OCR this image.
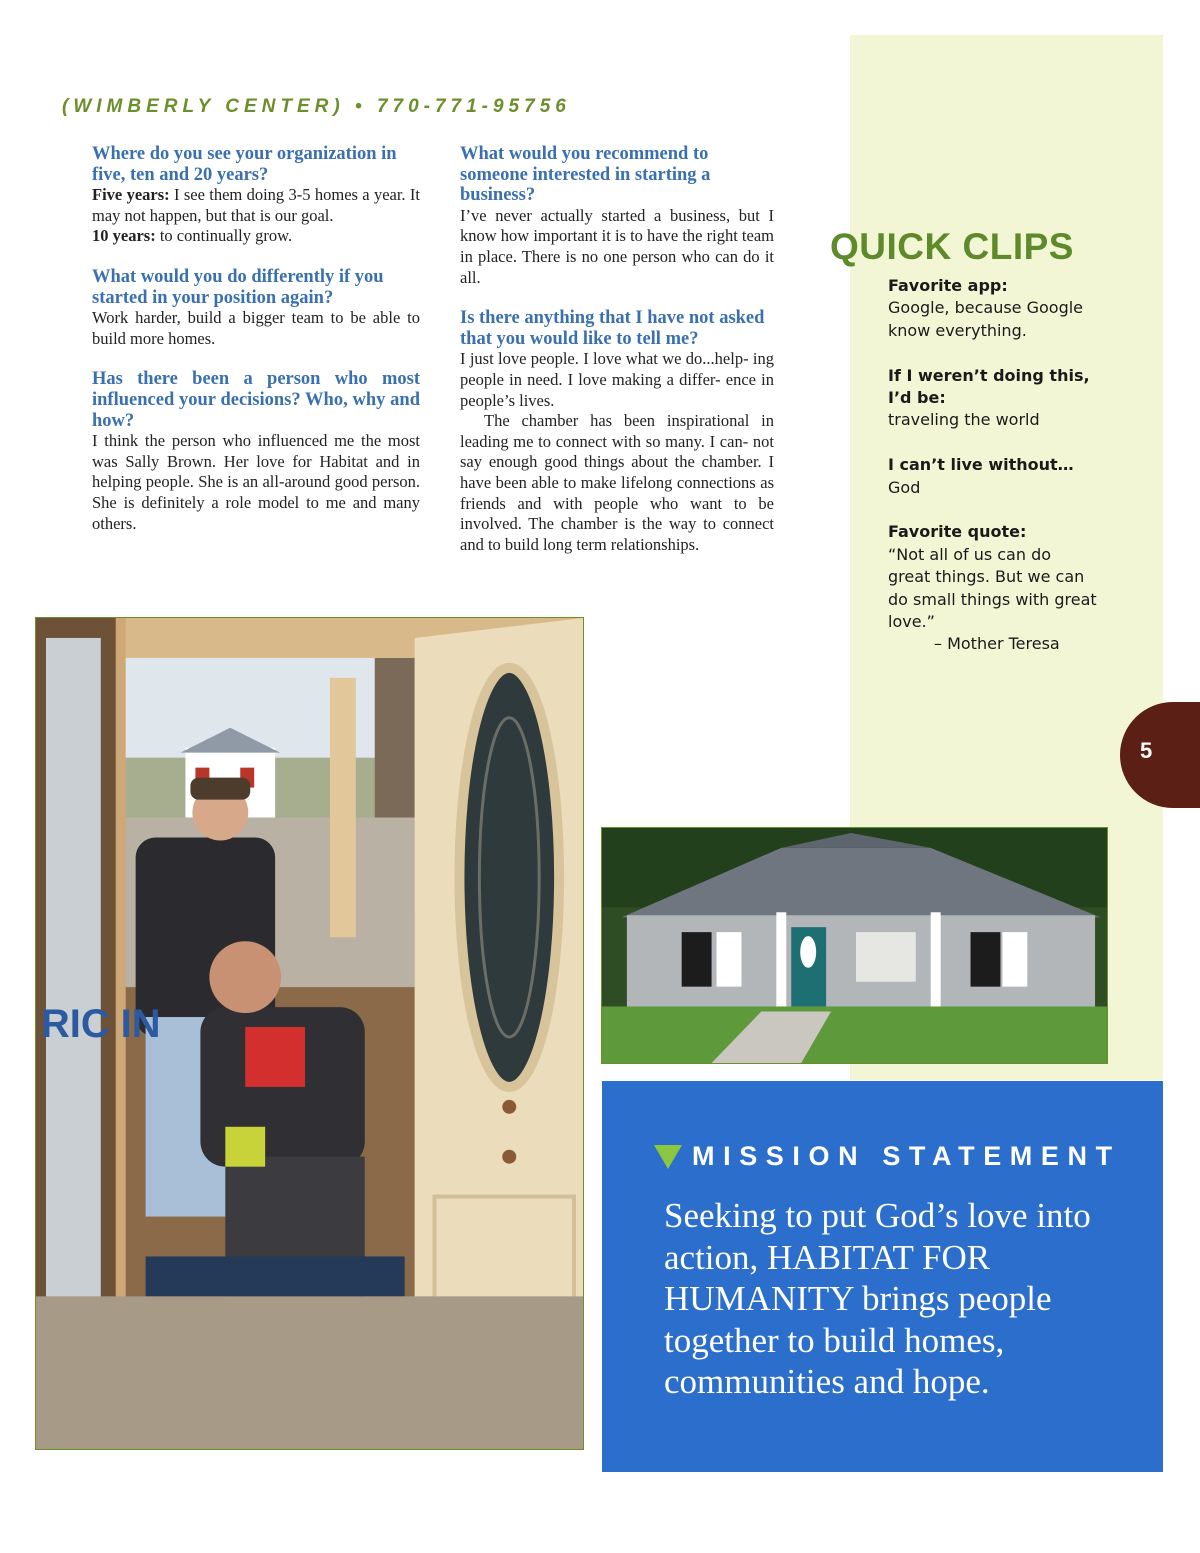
(WIMBERLY CENTER) • 770-771-95756

Where do you see your organization in five, ten and 20 years?

Five years: I see them doing 3-5 homes a year. It may not happen, but that is our goal.
10 years: to continually grow.

What would you do differently if you started in your position again?

Work harder, build a bigger team to be able to build more homes.

Has there been a person who most influenced your decisions? Who, why and how?

I think the person who influenced me the most was Sally Brown. Her love for Habitat and in helping people. She is an all-around good person. She is definitely a role model to me and many others.

What would you recommend to someone interested in starting a business?

I’ve never actually started a business, but I know how important it is to have the right team in place. There is no one person who can do it all.

Is there anything that I have not asked that you would like to tell me?

I just love people. I love what we do...help- ing people in need. I love making a differ- ence in people’s lives.

The chamber has been inspirational in leading me to connect with so many. I can- not say enough good things about the chamber. I have been able to make lifelong connections as friends and with people who want to be involved. The chamber is the way to connect and to build long term relationships.

QUICK CLIPS
Favorite app:
Google, because Google know everything.
If I weren’t doing this, I’d be:
traveling the world
I can’t live without…
God
Favorite quote:
“Not all of us can do great things. But we can do small things with great love.”
– Mother Teresa
5
RIC IN
MISSION STATEMENT
Seeking to put God’s love into action, HABITAT FOR HUMANITY brings people together to build homes, communities and hope.
